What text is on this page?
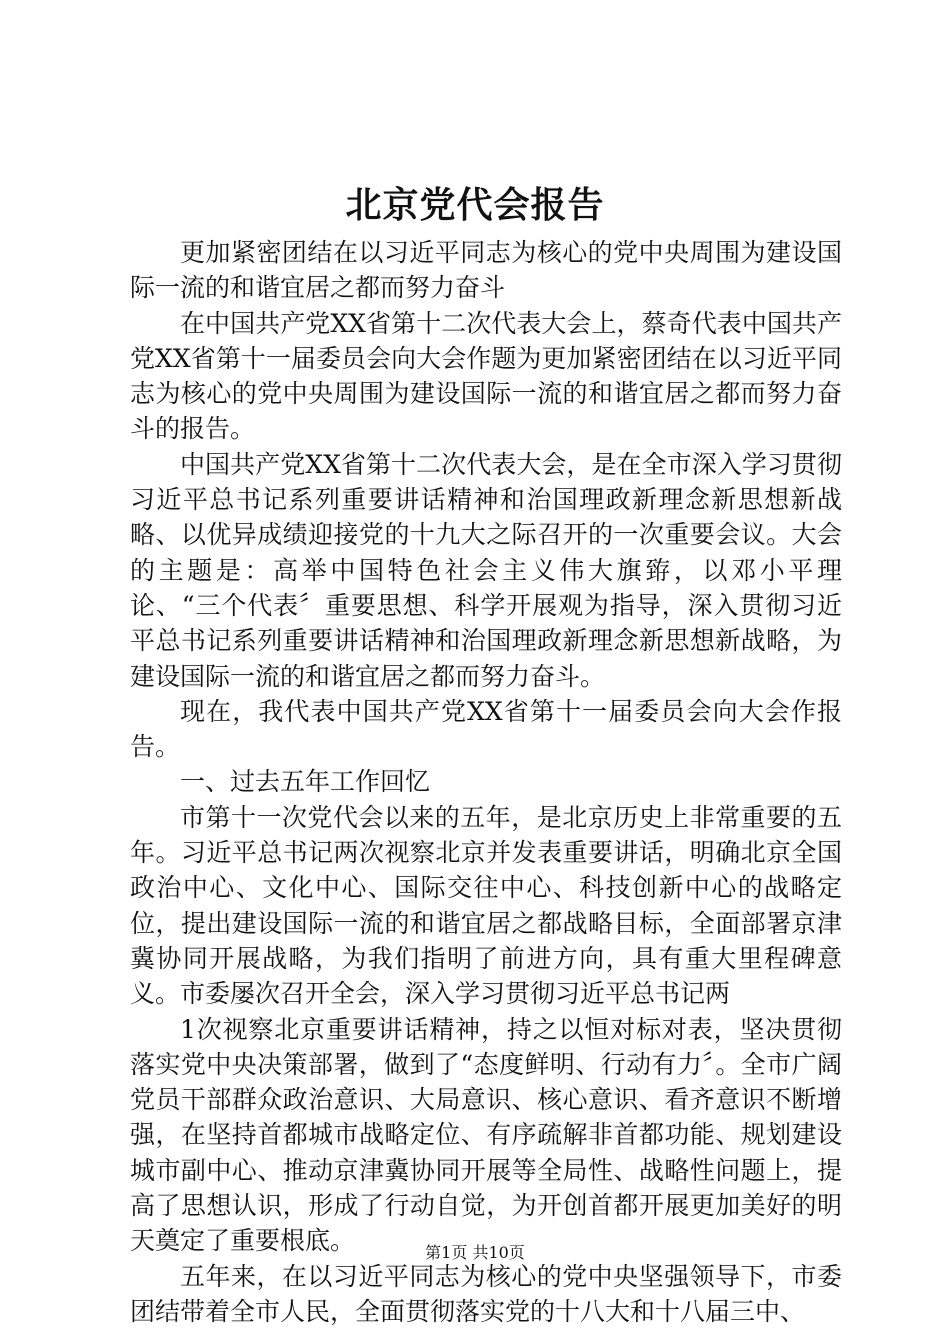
北京党代会报告

更加紧密团结在以习近平同志为核心的党中央周围为建设国际一流的和谐宜居之都而努力奋斗

在中国共产党XX省第十二次代表大会上，蔡奇代表中国共产党XX省第十一届委员会向大会作题为更加紧密团结在以习近平同志为核心的党中央周围为建设国际一流的和谐宜居之都而努力奋斗的报告。

中国共产党XX省第十二次代表大会，是在全市深入学习贯彻习近平总书记系列重要讲话精神和治国理政新理念新思想新战略、以优异成绩迎接党的十九大之际召开的一次重要会议。大会的主题是：高举中国特色社会主义伟大旗臶，以邓小平理论、“三个代表〞重要思想、科学开展观为指导，深入贯彻习近平总书记系列重要讲话精神和治国理政新理念新思想新战略，为建设国际一流的和谐宜居之都而努力奋斗。

现在，我代表中国共产党XX省第十一届委员会向大会作报告。

一、过去五年工作回忆

市第十一次党代会以来的五年，是北京历史上非常重要的五年。习近平总书记两次视察北京并发表重要讲话，明确北京全国政治中心、文化中心、国际交往中心、科技创新中心的战略定位，提出建设国际一流的和谐宜居之都战略目标，全面部署京津冀协同开展战略，为我们指明了前进方向，具有重大里程碑意义。市委屡次召开全会，深入学习贯彻习近平总书记两

1次视察北京重要讲话精神，持之以恒对标对表，坚决贯彻落实党中央决策部署，做到了“态度鲜明、行动有力〞。全市广阔党员干部群众政治意识、大局意识、核心意识、看齐意识不断增强，在坚持首都城市战略定位、有序疏解非首都功能、规划建设城市副中心、推动京津冀协同开展等全局性、战略性问题上，提高了思想认识，形成了行动自觉，为开创首都开展更加美好的明天奠定了重要根底。

五年来，在以习近平同志为核心的党中央坚强领导下，市委团结带着全市人民，全面贯彻落实党的十八大和十八届三中、

第1页 共10页
